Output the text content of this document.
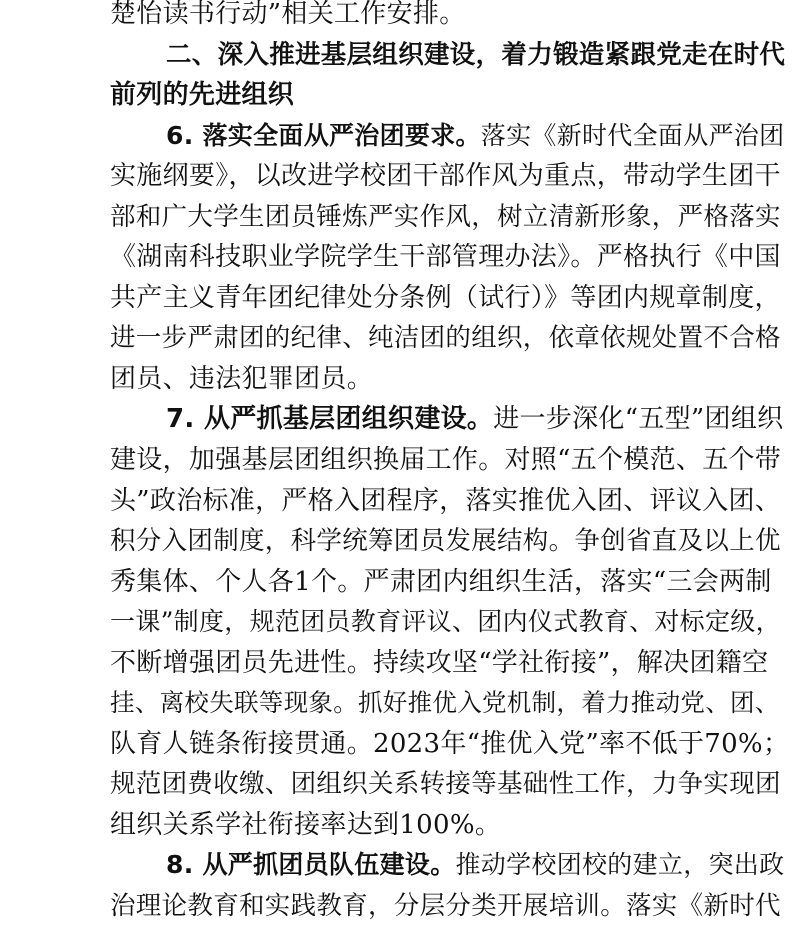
楚怡读书行动”相关工作安排。
二、深入推进基层组织建设，着力锻造紧跟党走在时代
前列的先进组织
6. 落实全面从严治团要求。落实《新时代全面从严治团
实施纲要》，以改进学校团干部作风为重点，带动学生团干
部和广大学生团员锤炼严实作风，树立清新形象，严格落实
《湖南科技职业学院学生干部管理办法》。严格执行《中国
共产主义青年团纪律处分条例（试行）》等团内规章制度，
进一步严肃团的纪律、纯洁团的组织，依章依规处置不合格
团员、违法犯罪团员。
7. 从严抓基层团组织建设。进一步深化“五型”团组织
建设，加强基层团组织换届工作。对照“五个模范、五个带
头”政治标准，严格入团程序，落实推优入团、评议入团、
积分入团制度，科学统筹团员发展结构。争创省直及以上优
秀集体、个人各1个。严肃团内组织生活，落实“三会两制
一课”制度，规范团员教育评议、团内仪式教育、对标定级，
不断增强团员先进性。持续攻坚“学社衔接”，解决团籍空
挂、离校失联等现象。抓好推优入党机制，着力推动党、团、
队育人链条衔接贯通。2023年“推优入党”率不低于70%；
规范团费收缴、团组织关系转接等基础性工作，力争实现团
组织关系学社衔接率达到100%。
8. 从严抓团员队伍建设。推动学校团校的建立，突出政
治理论教育和实践教育，分层分类开展培训。落实《新时代
